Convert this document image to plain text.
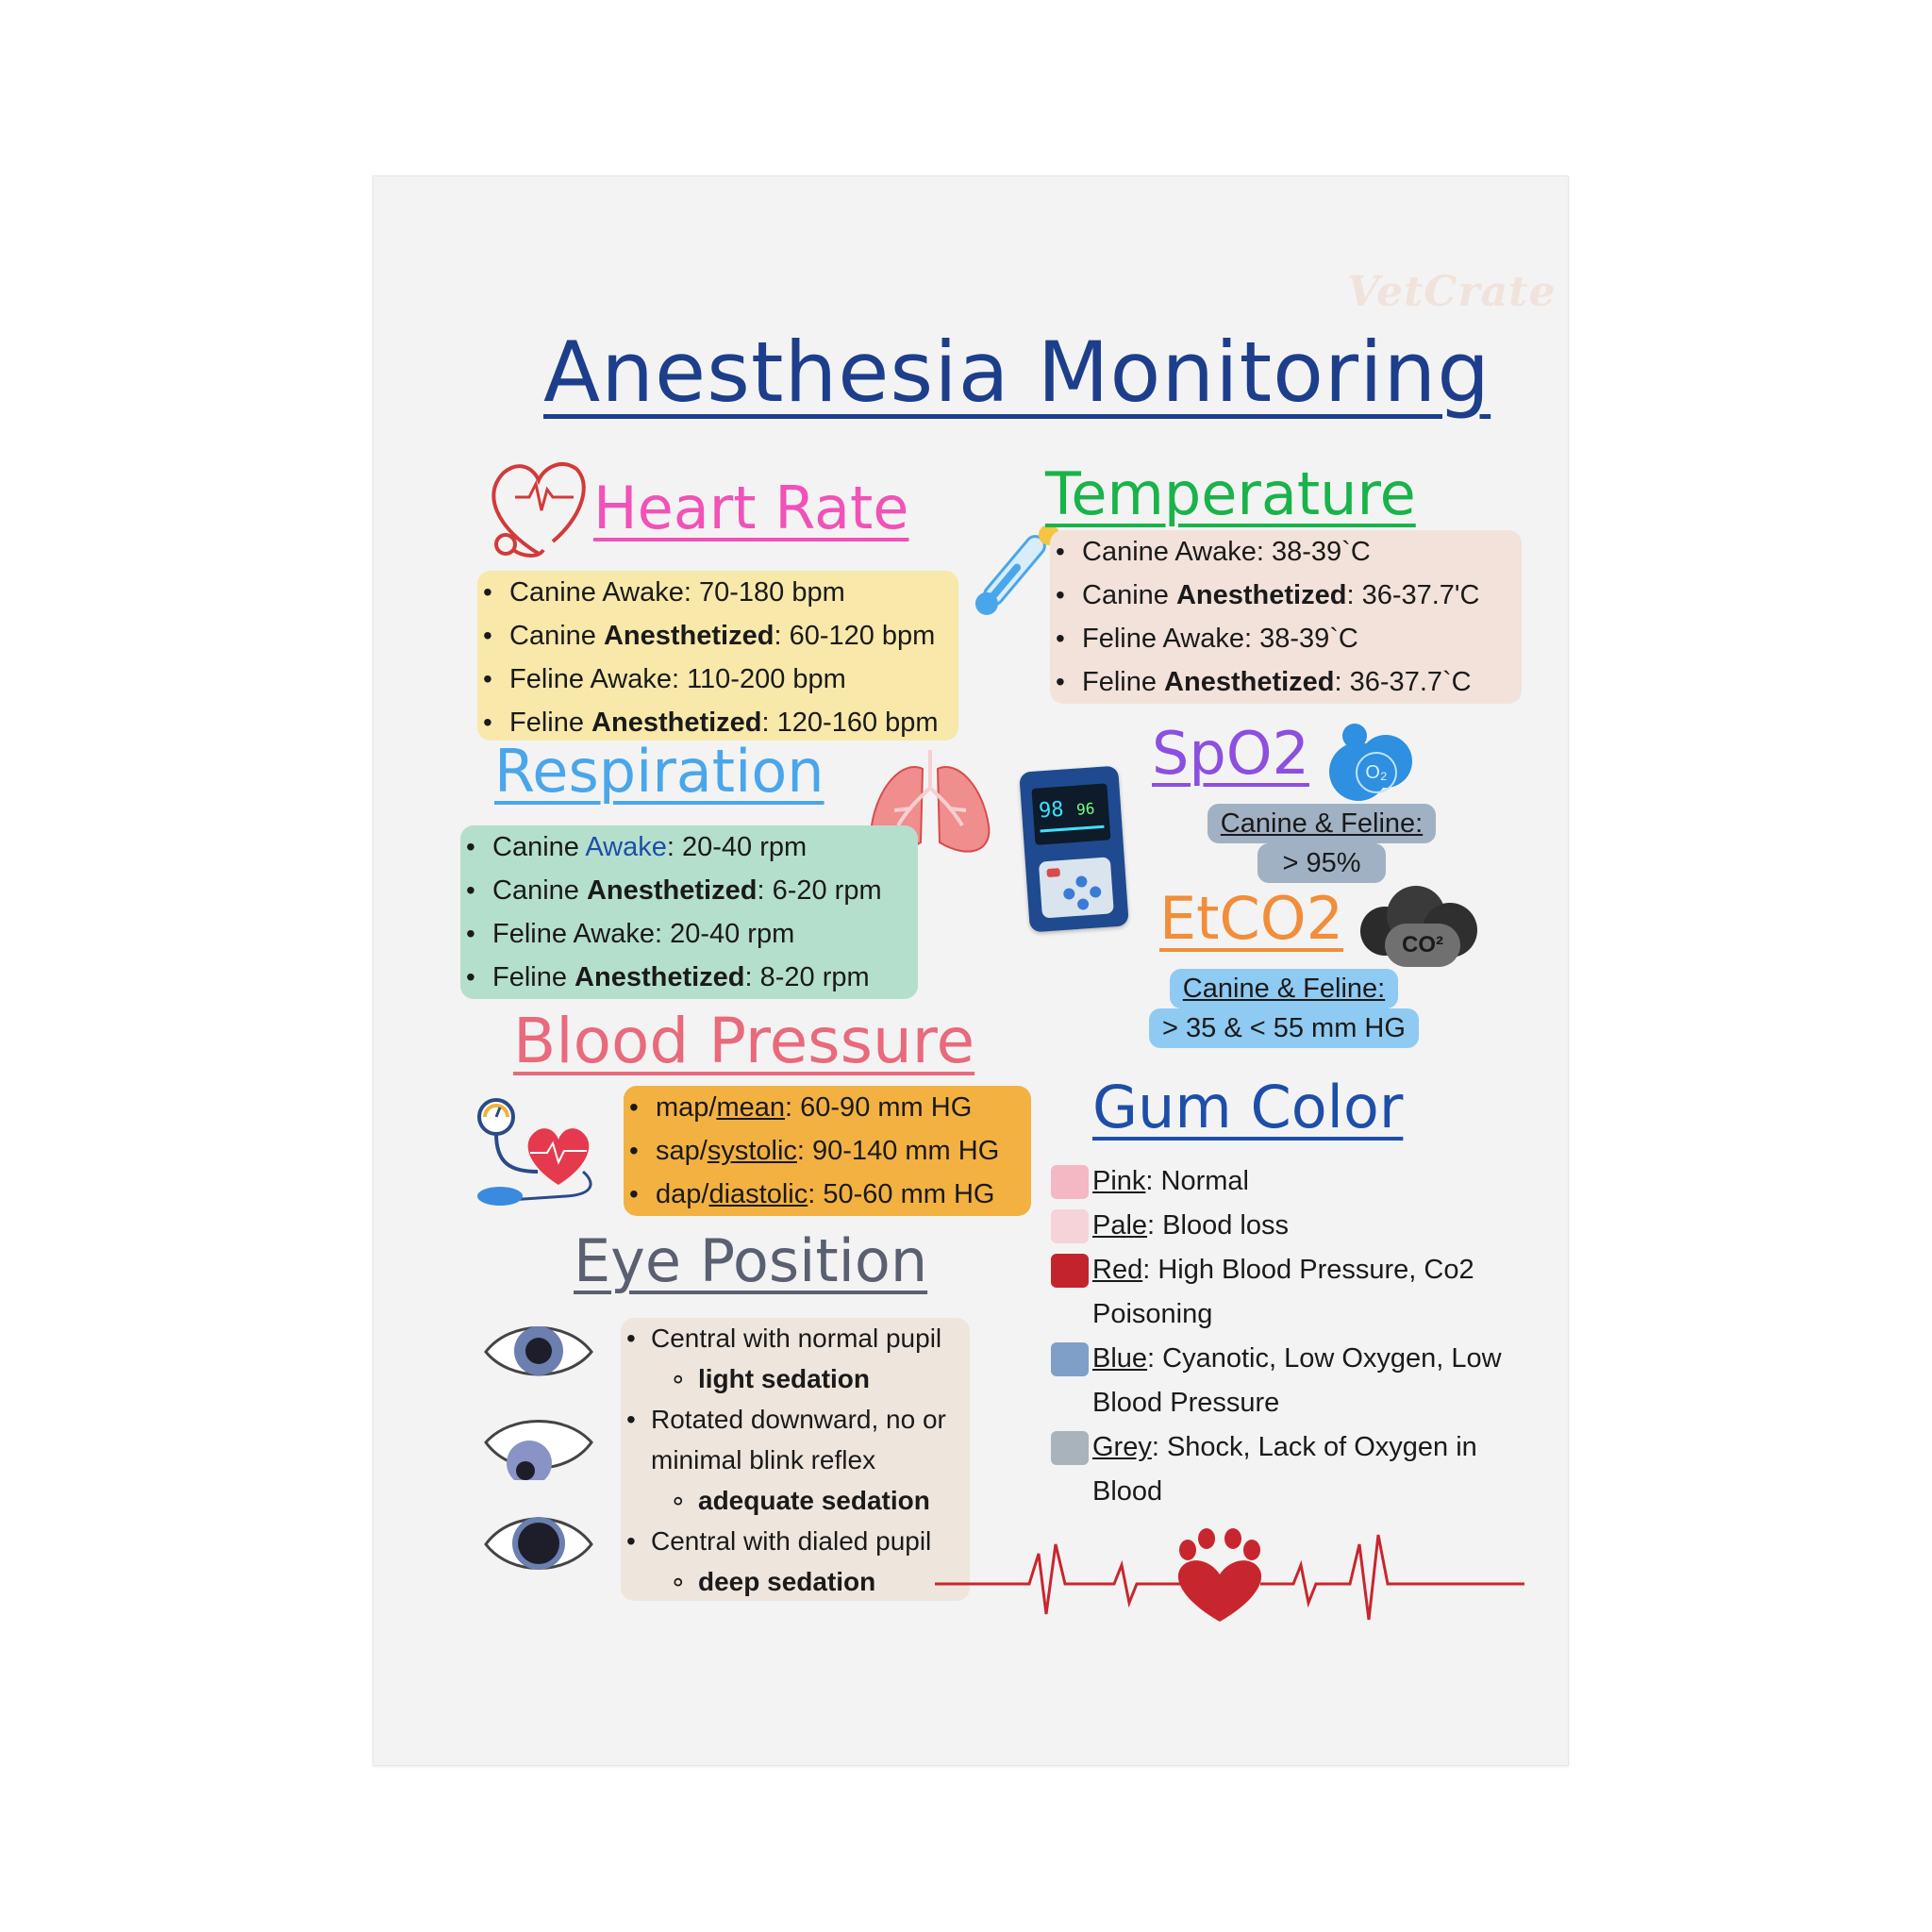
VetCrate
Anesthesia Monitoring
Heart Rate
• Canine Awake: 70-180 bpm
• Canine Anesthetized: 60-120 bpm
• Feline Awake: 110-200 bpm
• Feline Anesthetized: 120-160 bpm
Temperature
• Canine Awake: 38-39`C
• Canine Anesthetized: 36-37.7'C
• Feline Awake: 38-39`C
• Feline Anesthetized: 36-37.7`C
Respiration
• Canine Awake: 20-40 rpm
• Canine Anesthetized: 6-20 rpm
• Feline Awake: 20-40 rpm
• Feline Anesthetized: 8-20 rpm
98 96
SpO2	O₂
Canine & Feline:
> 95%
EtCO2	CO²
Canine & Feline:
> 35 & < 55 mm HG
Blood Pressure
• map/mean: 60-90 mm HG
• sap/systolic: 90-140 mm HG
• dap/diastolic: 50-60 mm HG
Gum Color
Pink: Normal
Pale: Blood loss
Red: High Blood Pressure, Co2
Poisoning
Blue: Cyanotic, Low Oxygen, Low
Blood Pressure
Grey: Shock, Lack of Oxygen in
Blood
Eye Position
• Central with normal pupil
∘ light sedation
• Rotated downward, no or
minimal blink reflex
∘ adequate sedation
• Central with dialed pupil
∘ deep sedation
